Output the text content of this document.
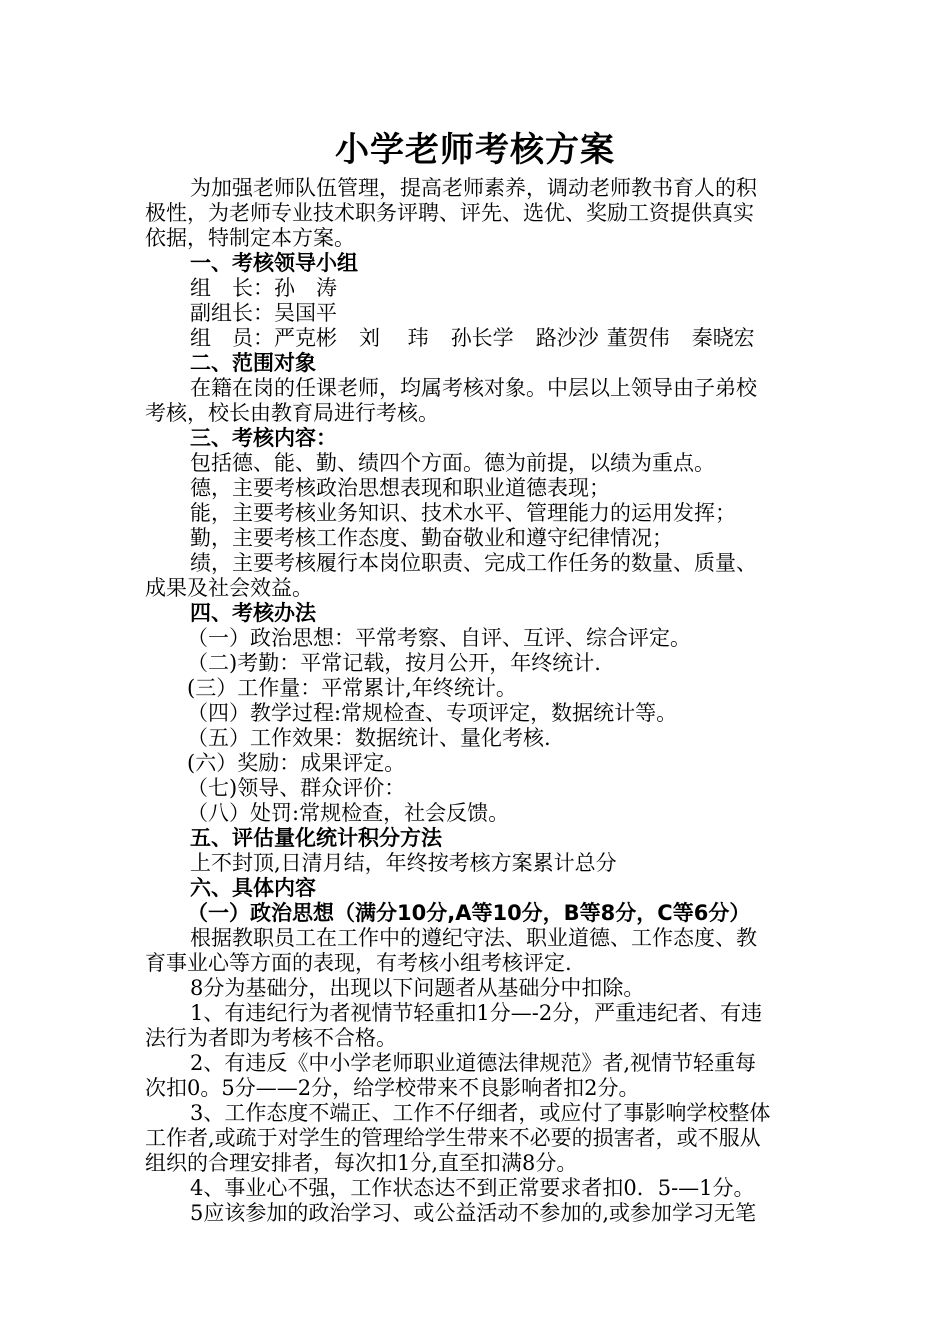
小学老师考核方案
为加强老师队伍管理，提高老师素养，调动老师教书育人的积
极性，为老师专业技术职务评聘、评先、选优、奖励工资提供真实
依据，特制定本方案。
一、考核领导小组
组　长：孙　涛
副组长：吴国平
组　员：严克彬 刘　 玮 孙长学 路沙沙 董贺伟 秦晓宏
二、范围对象
在籍在岗的任课老师，均属考核对象。中层以上领导由子弟校
考核，校长由教育局进行考核。
三、考核内容：
包括德、能、勤、绩四个方面。德为前提，以绩为重点。
德，主要考核政治思想表现和职业道德表现；
能，主要考核业务知识、技术水平、管理能力的运用发挥；
勤，主要考核工作态度、勤奋敬业和遵守纪律情况；
绩，主要考核履行本岗位职责、完成工作任务的数量、质量、
成果及社会效益。
四、考核办法
（一）政治思想：平常考察、自评、互评、综合评定。
（二)考勤：平常记载，按月公开，年终统计.
(三）工作量：平常累计,年终统计。
（四）教学过程:常规检查、专项评定，数据统计等。
（五）工作效果：数据统计、量化考核.
(六）奖励：成果评定。
（七)领导、群众评价：
（八）处罚:常规检查，社会反馈。
五、评估量化统计积分方法
上不封顶,日清月结，年终按考核方案累计总分
六、具体内容
（一）政治思想（满分10分,A等10分，B等8分，C等6分）
根据教职员工在工作中的遵纪守法、职业道德、工作态度、教
育事业心等方面的表现，有考核小组考核评定.
8分为基础分，出现以下问题者从基础分中扣除。
1、有违纪行为者视情节轻重扣1分—-2分，严重违纪者、有违
法行为者即为考核不合格。
2、有违反《中小学老师职业道德法律规范》者,视情节轻重每
次扣0。5分——2分，给学校带来不良影响者扣2分。
3、工作态度不端正、工作不仔细者，或应付了事影响学校整体
工作者,或疏于对学生的管理给学生带来不必要的损害者，或不服从
组织的合理安排者，每次扣1分,直至扣满8分。
4、事业心不强，工作状态达不到正常要求者扣0．5-—1分。
5应该参加的政治学习、或公益活动不参加的,或参加学习无笔
